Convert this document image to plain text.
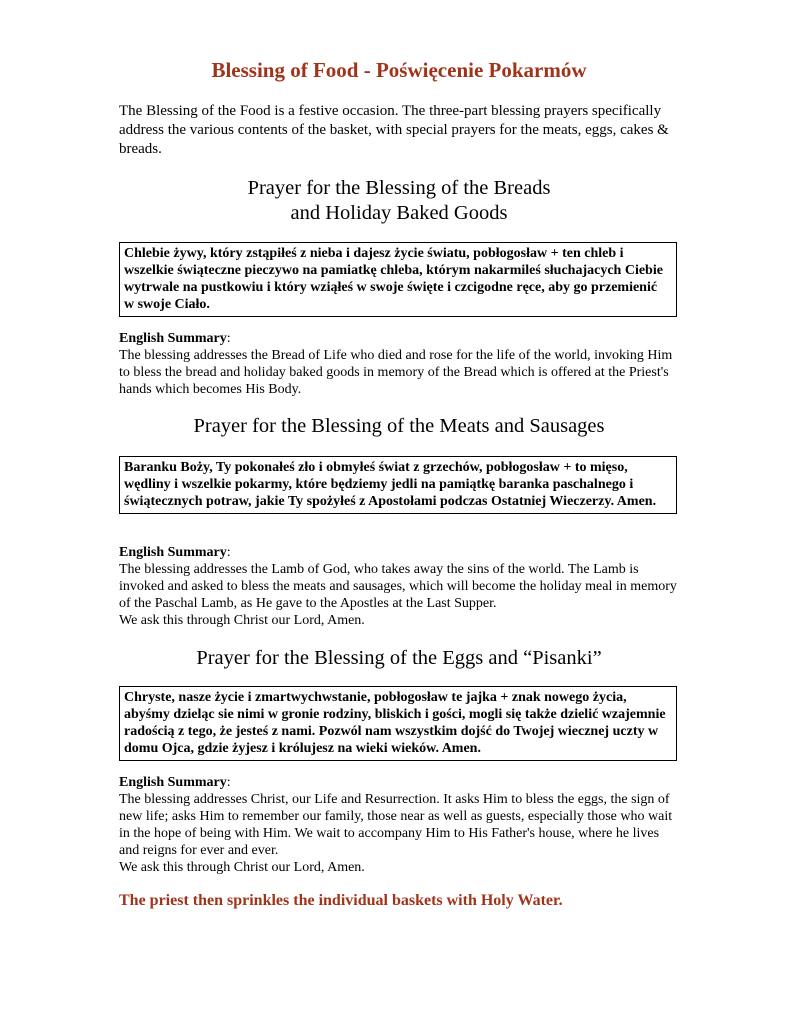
Blessing of Food - Poświęcenie Pokarmów

The Blessing of the Food is a festive occasion. The three-part blessing prayers specifically address the various contents of the basket, with special prayers for the meats, eggs, cakes & breads.

Prayer for the Blessing of the Breads
and Holiday Baked Goods
Chlebie żywy, który zstąpiłeś z nieba i dajesz życie światu, pobłogosław + ten chleb i wszelkie świąteczne pieczywo na pamiatkę chleba, którym nakarmileś słuchajacych Ciebie wytrwale na pustkowiu i który wziąłeś w swoje święte i czcigodne ręce, aby go przemienić w swoje Ciało.

English Summary:
The blessing addresses the Bread of Life who died and rose for the life of the world, invoking Him to bless the bread and holiday baked goods in memory of the Bread which is offered at the Priest's hands which becomes His Body.

Prayer for the Blessing of the Meats and Sausages
Baranku Boży, Ty pokonałeś zło i obmyłeś świat z grzechów, pobłogosław + to mięso, wędliny i wszelkie pokarmy, które będziemy jedli na pamiątkę baranka paschalnego i świątecznych potraw, jakie Ty spożyłeś z Apostołami podczas Ostatniej Wieczerzy. Amen.

English Summary:
The blessing addresses the Lamb of God, who takes away the sins of the world. The Lamb is invoked and asked to bless the meats and sausages, which will become the holiday meal in memory of the Paschal Lamb, as He gave to the Apostles at the Last Supper.
We ask this through Christ our Lord, Amen.

Prayer for the Blessing of the Eggs and “Pisanki”
Chryste, nasze życie i zmartwychwstanie, pobłogosław te jajka + znak nowego życia, abyśmy dzieląc sie nimi w gronie rodziny, bliskich i gości, mogli się także dzielić wzajemnie radością z tego, że jesteś z nami. Pozwól nam wszystkim dojść do Twojej wiecznej uczty w domu Ojca, gdzie żyjesz i królujesz na wieki wieków. Amen.

English Summary:
The blessing addresses Christ, our Life and Resurrection. It asks Him to bless the eggs, the sign of new life; asks Him to remember our family, those near as well as guests, especially those who wait in the hope of being with Him. We wait to accompany Him to His Father's house, where he lives and reigns for ever and ever.
We ask this through Christ our Lord, Amen.

The priest then sprinkles the individual baskets with Holy Water.
